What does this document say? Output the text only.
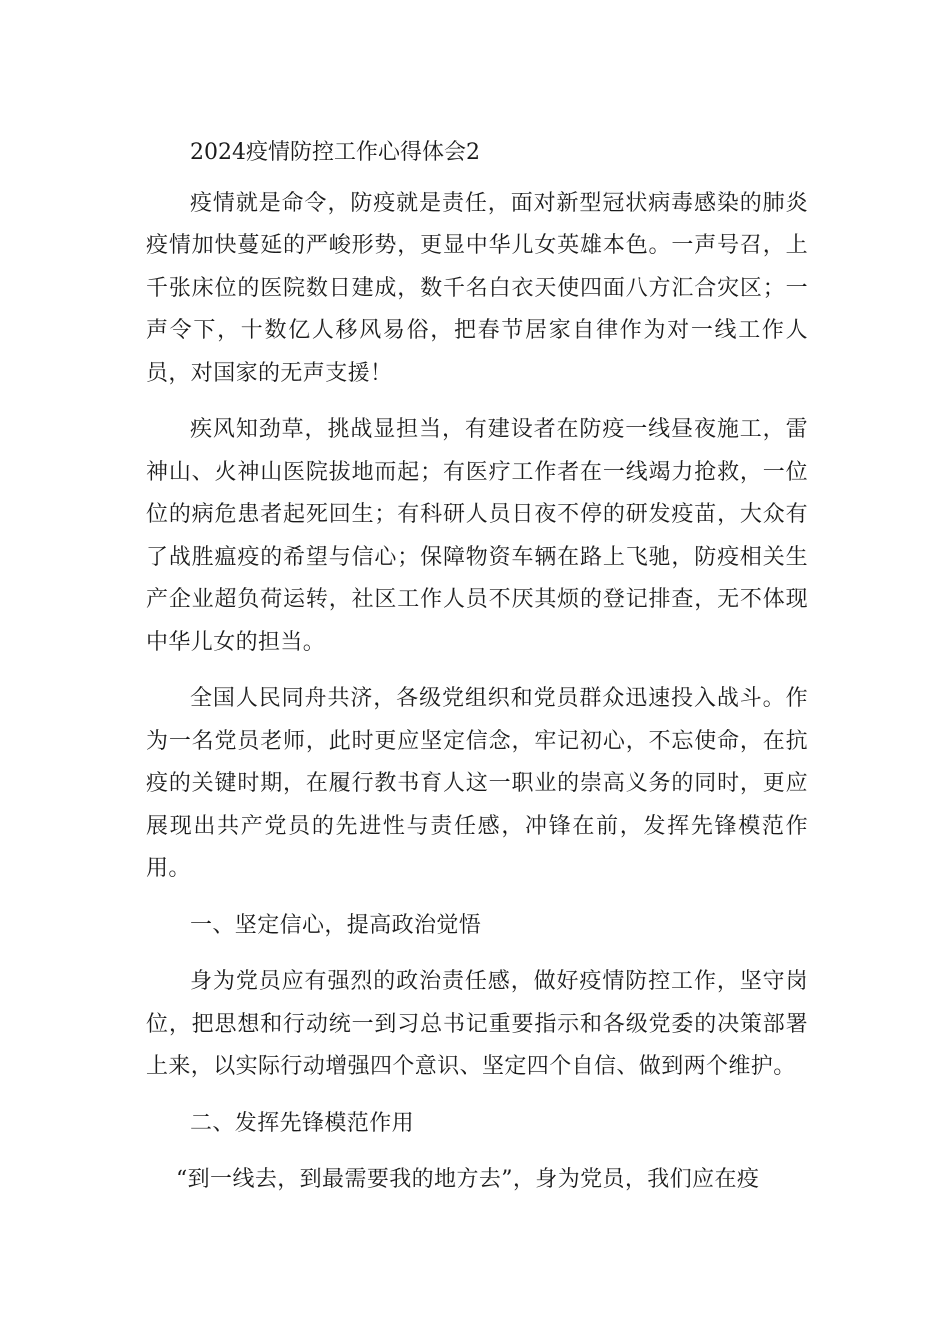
2024疫情防控工作心得体会2

疫情就是命令，防疫就是责任，面对新型冠状病毒感染的肺炎疫情加快蔓延的严峻形势，更显中华儿女英雄本色。一声号召，上千张床位的医院数日建成，数千名白衣天使四面八方汇合灾区；一声令下，十数亿人移风易俗，把春节居家自律作为对一线工作人员，对国家的无声支援！

疾风知劲草，挑战显担当，有建设者在防疫一线昼夜施工，雷神山、火神山医院拔地而起；有医疗工作者在一线竭力抢救，一位位的病危患者起死回生；有科研人员日夜不停的研发疫苗，大众有了战胜瘟疫的希望与信心；保障物资车辆在路上飞驰，防疫相关生产企业超负荷运转，社区工作人员不厌其烦的登记排查，无不体现中华儿女的担当。

全国人民同舟共济，各级党组织和党员群众迅速投入战斗。作为一名党员老师，此时更应坚定信念，牢记初心，不忘使命，在抗疫的关键时期，在履行教书育人这一职业的崇高义务的同时，更应展现出共产党员的先进性与责任感，冲锋在前，发挥先锋模范作用。

一、坚定信心，提高政治觉悟

身为党员应有强烈的政治责任感，做好疫情防控工作，坚守岗位，把思想和行动统一到习总书记重要指示和各级党委的决策部署上来，以实际行动增强四个意识、坚定四个自信、做到两个维护。

二、发挥先锋模范作用

“到一线去，到最需要我的地方去”，身为党员，我们应在疫
